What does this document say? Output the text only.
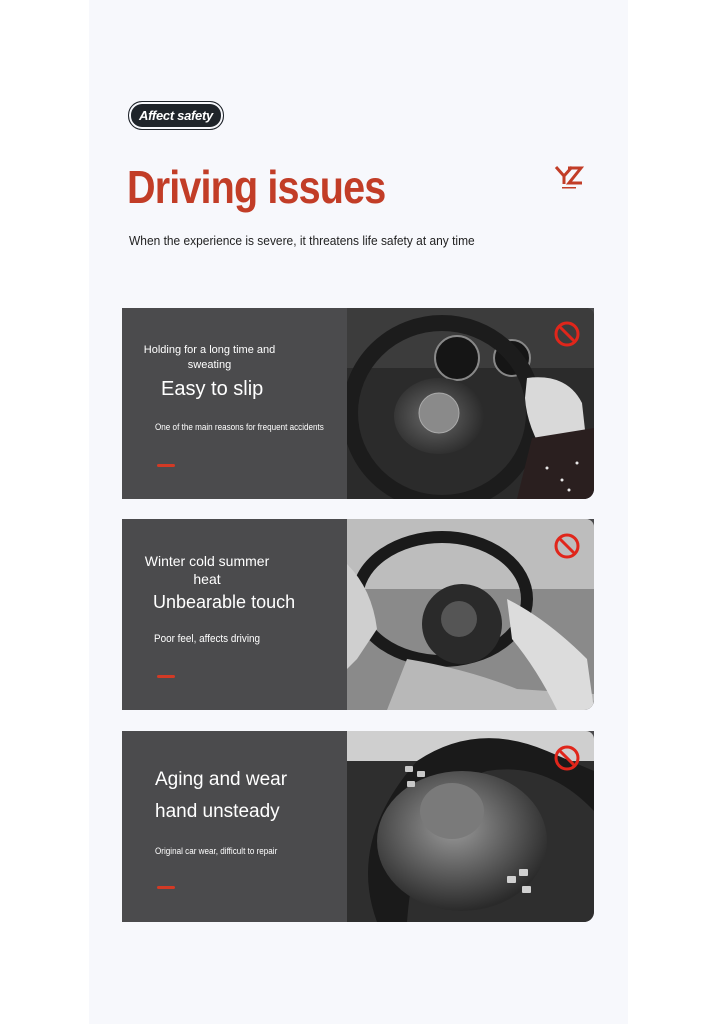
Affect safety
Driving issues
When the experience is severe, it threatens life safety at any time
Holding for a long time and
sweating
Easy to slip
One of the main reasons for frequent accidents
Winter cold summer
heat
Unbearable touch
Poor feel, affects driving
Aging and wear
hand unsteady
Original car wear, difficult to repair
